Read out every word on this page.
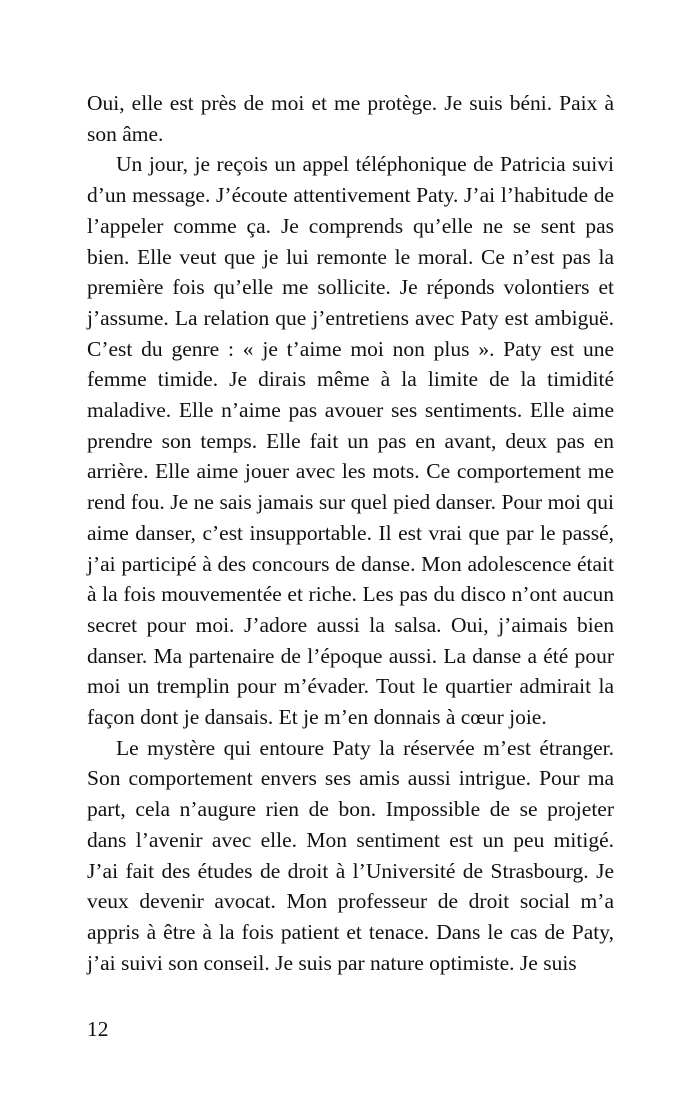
Oui, elle est près de moi et me protège. Je suis béni. Paix à son âme.

Un jour, je reçois un appel téléphonique de Patricia suivi d’un message. J’écoute attentivement Paty. J’ai l’habitude de l’appeler comme ça. Je comprends qu’elle ne se sent pas bien. Elle veut que je lui remonte le moral. Ce n’est pas la première fois qu’elle me sollicite. Je réponds volontiers et j’assume. La relation que j’entretiens avec Paty est ambiguë. C’est du genre : « je t’aime moi non plus ». Paty est une femme timide. Je dirais même à la limite de la timidité maladive. Elle n’aime pas avouer ses sentiments. Elle aime prendre son temps. Elle fait un pas en avant, deux pas en arrière. Elle aime jouer avec les mots. Ce comportement me rend fou. Je ne sais jamais sur quel pied danser. Pour moi qui aime danser, c’est insupportable. Il est vrai que par le passé, j’ai participé à des concours de danse. Mon adolescence était à la fois mouvementée et riche. Les pas du disco n’ont aucun secret pour moi. J’adore aussi la salsa. Oui, j’aimais bien danser. Ma partenaire de l’époque aussi. La danse a été pour moi un tremplin pour m’évader. Tout le quartier admirait la façon dont je dansais. Et je m’en donnais à cœur joie.

Le mystère qui entoure Paty la réservée m’est étranger. Son comportement envers ses amis aussi intrigue. Pour ma part, cela n’augure rien de bon. Impossible de se projeter dans l’avenir avec elle. Mon sentiment est un peu mitigé. J’ai fait des études de droit à l’Université de Strasbourg. Je veux devenir avocat. Mon professeur de droit social m’a appris à être à la fois patient et tenace. Dans le cas de Paty, j’ai suivi son conseil. Je suis par nature optimiste. Je suis

12
